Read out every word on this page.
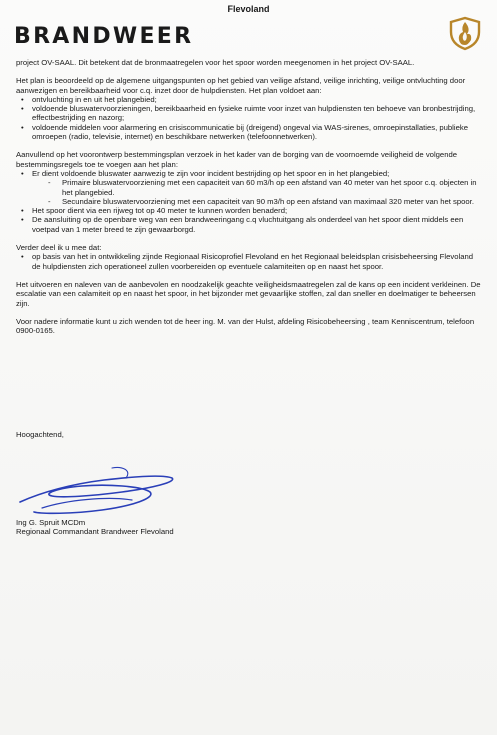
Flevoland
BRANDWEER

project OV-SAAL. Dit betekent dat de bronmaatregelen voor het spoor worden meegenomen in het project OV-SAAL.

Het plan is beoordeeld op de algemene uitgangspunten op het gebied van veilige afstand, veilige inrichting, veilige ontvluchting door aanwezigen en bereikbaarheid voor c.q. inzet door de hulpdiensten. Het plan voldoet aan:

• ontvluchting in en uit het plangebied;
• voldoende bluswatervoorzieningen, bereikbaarheid en fysieke ruimte voor inzet van hulpdiensten ten behoeve van bronbestrijding, effectbestrijding en nazorg;
• voldoende middelen voor alarmering en crisiscommunicatie bij (dreigend) ongeval via WAS-sirenes, omroepinstallaties, publieke omroepen (radio, televisie, internet) en beschikbare netwerken (telefoonnetwerken).

Aanvullend op het voorontwerp bestemmingsplan verzoek in het kader van de borging van de voornoemde veiligheid de volgende bestemmingsregels toe te voegen aan het plan:

• Er dient voldoende bluswater aanwezig te zijn voor incident bestrijding op het spoor en in het plangebied;
- Primaire bluswatervoorziening met een capaciteit van 60 m3/h op een afstand van 40 meter van het spoor c.q. objecten in het plangebied.
- Secundaire bluswatervoorziening met een capaciteit van 90 m3/h op een afstand van maximaal 320 meter van het spoor.
• Het spoor dient via een rijweg tot op 40 meter te kunnen worden benaderd;
• De aansluiting op de openbare weg van een brandweeringang c.q vluchtuitgang als onderdeel van het spoor dient middels een voetpad van 1 meter breed te zijn gewaarborgd.

Verder deel ik u mee dat:

• op basis van het in ontwikkeling zijnde Regionaal Risicoprofiel Flevoland en het Regionaal beleidsplan crisisbeheersing Flevoland de hulpdiensten zich operationeel zullen voorbereiden op eventuele calamiteiten op en naast het spoor.

Het uitvoeren en naleven van de aanbevolen en noodzakelijk geachte veiligheidsmaatregelen zal de kans op een incident verkleinen. De escalatie van een calamiteit op en naast het spoor, in het bijzonder met gevaarlijke stoffen, zal dan sneller en doelmatiger te beheersen zijn.

Voor nadere informatie kunt u zich wenden tot de heer ing. M. van der Hulst, afdeling Risicobeheersing , team Kenniscentrum, telefoon 0900-0165.

Hoogachtend,
Ing G. Spruit MCDm
Regionaal Commandant Brandweer Flevoland
